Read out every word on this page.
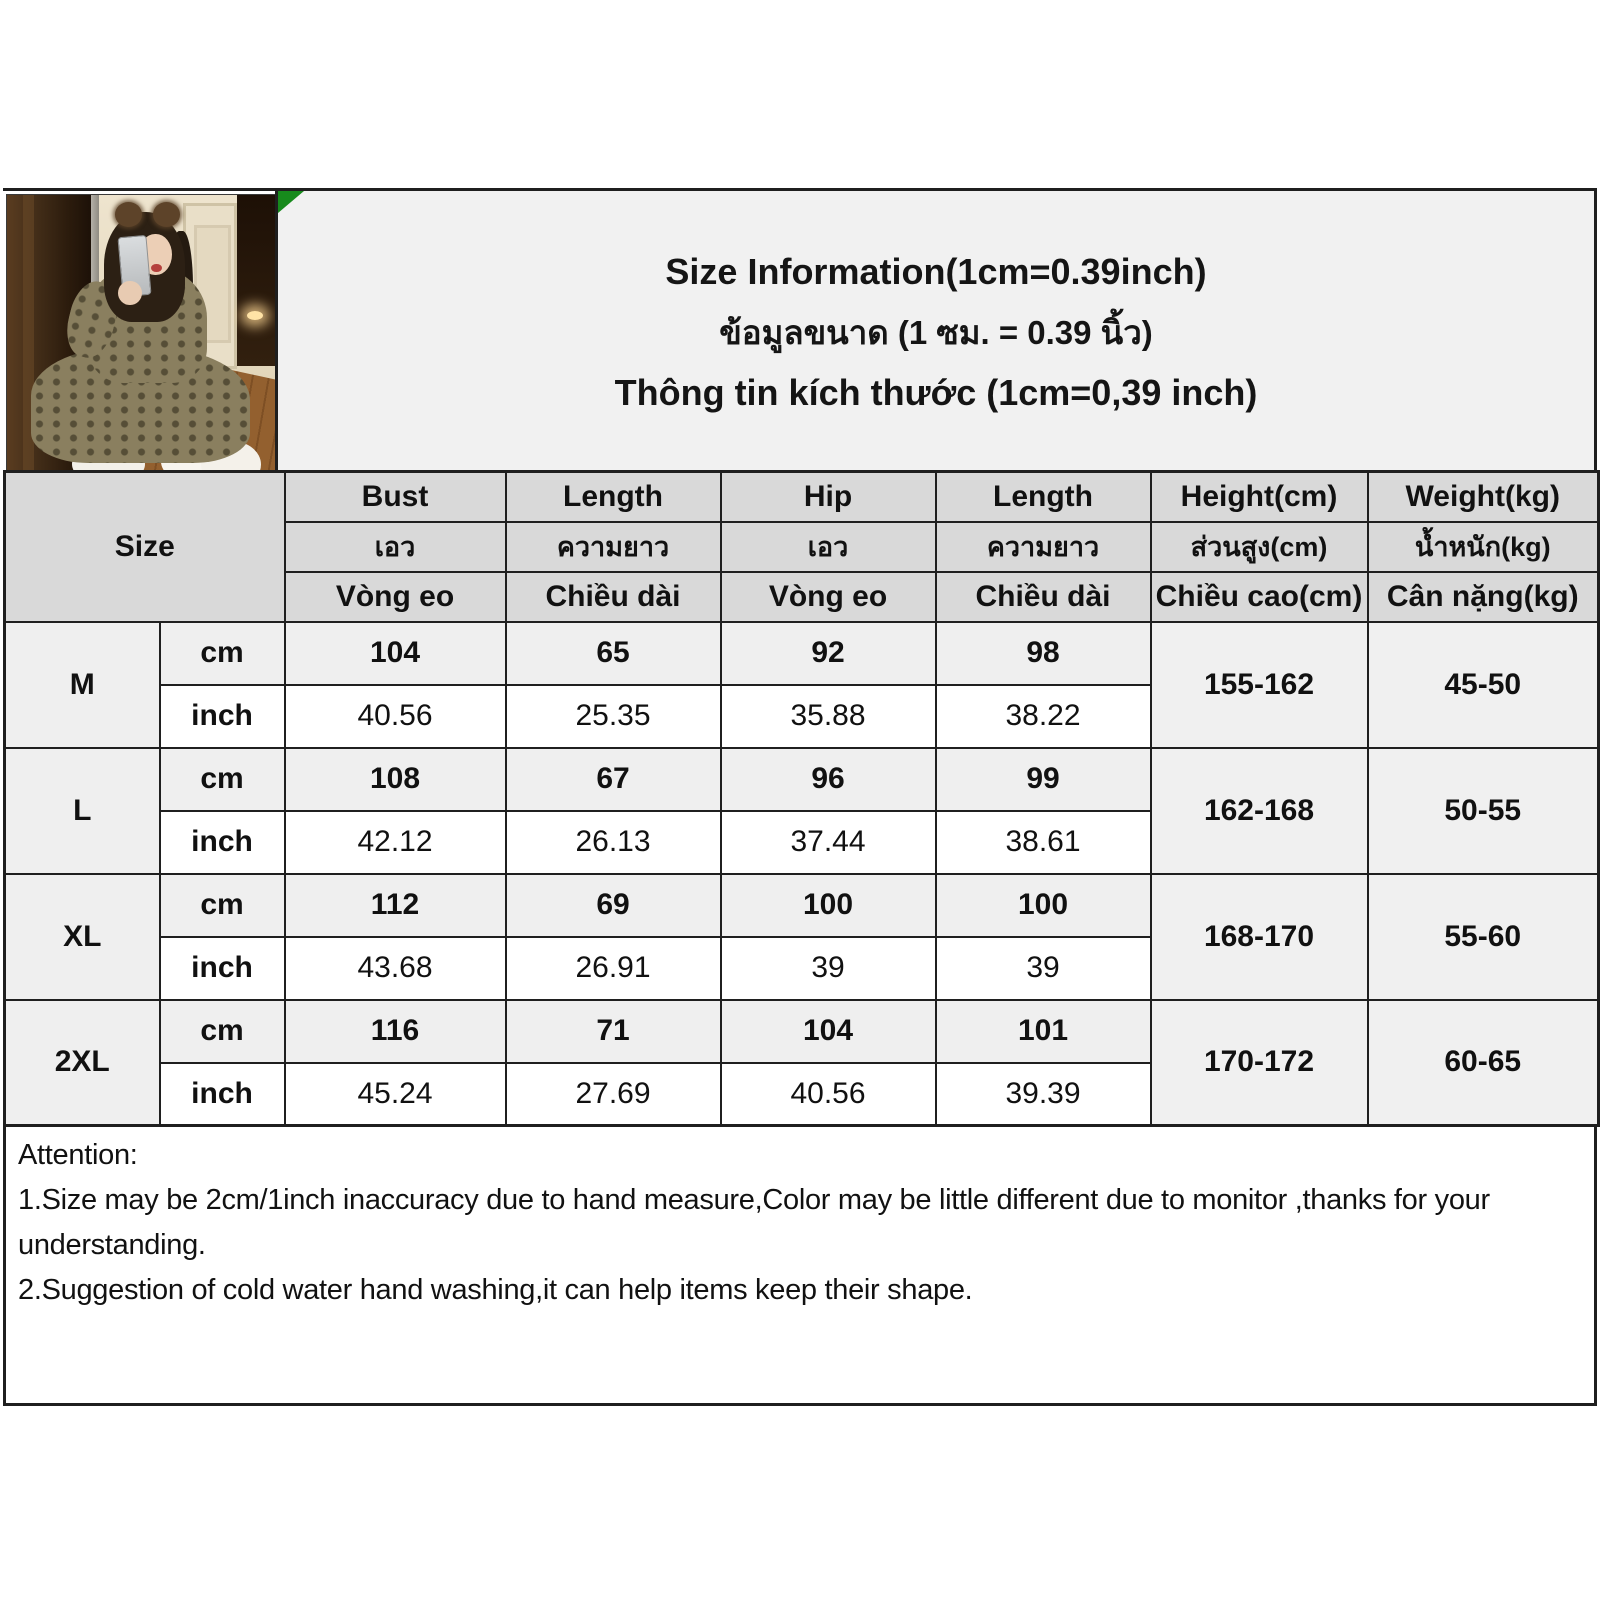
Size Information(1cm=0.39inch)
ข้อมูลขนาด (1 ซม. = 0.39 นิ้ว)
Thông tin kích thước (1cm=0,39 inch)
Size		Bust	Length	Hip	Length	Height(cm)	Weight(kg)
		เอว	ความยาว	เอว	ความยาว	ส่วนสูง(cm)	น้ำหนัก(kg)
		Vòng eo	Chiều dài	Vòng eo	Chiều dài	Chiều cao(cm)	Cân nặng(kg)
M	cm	104	65	92	98	155-162	45-50
	inch	40.56	25.35	35.88	38.22		
L	cm	108	67	96	99	162-168	50-55
	inch	42.12	26.13	37.44	38.61		
XL	cm	112	69	100	100	168-170	55-60
	inch	43.68	26.91	39	39		
2XL	cm	116	71	104	101	170-172	60-65
	inch	45.24	27.69	40.56	39.39		
Attention:
1.Size may be 2cm/1inch inaccuracy due to hand measure,Color may be little different due to monitor ,thanks for your understanding.
2.Suggestion of cold water hand washing,it can help items keep their shape.
